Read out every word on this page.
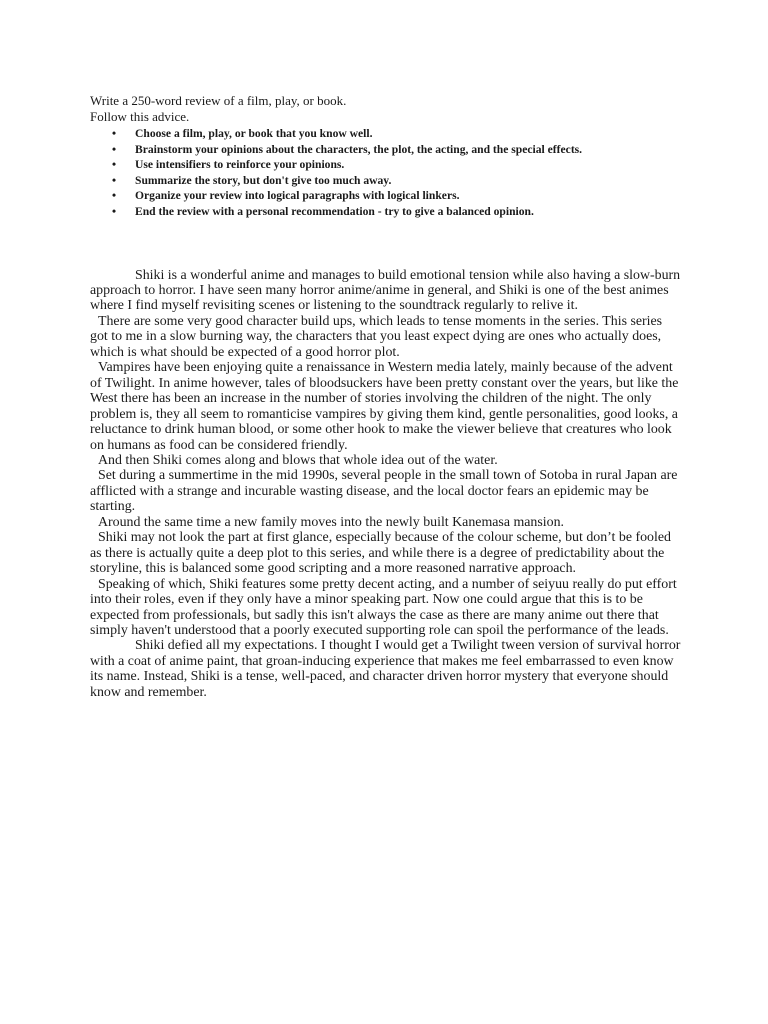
Write a 250-word review of a film, play, or book.

Follow this advice.

• Choose a film, play, or book that you know well.
• Brainstorm your opinions about the characters, the plot, the acting, and the special effects.
• Use intensifiers to reinforce your opinions.
• Summarize the story, but don't give too much away.
• Organize your review into logical paragraphs with logical linkers.
• End the review with a personal recommendation - try to give a balanced opinion.

Shiki is a wonderful anime and manages to build emotional tension while also having a slow-burn approach to horror. I have seen many horror anime/anime in general, and Shiki is one of the best animes where I find myself revisiting scenes or listening to the soundtrack regularly to relive it.

There are some very good character build ups, which leads to tense moments in the series. This series got to me in a slow burning way, the characters that you least expect dying are ones who actually does, which is what should be expected of a good horror plot.

Vampires have been enjoying quite a renaissance in Western media lately, mainly because of the advent of Twilight. In anime however, tales of bloodsuckers have been pretty constant over the years, but like the West there has been an increase in the number of stories involving the children of the night. The only problem is, they all seem to romanticise vampires by giving them kind, gentle personalities, good looks, a reluctance to drink human blood, or some other hook to make the viewer believe that creatures who look on humans as food can be considered friendly.

And then Shiki comes along and blows that whole idea out of the water.

Set during a summertime in the mid 1990s, several people in the small town of Sotoba in rural Japan are afflicted with a strange and incurable wasting disease, and the local doctor fears an epidemic may be starting.

Around the same time a new family moves into the newly built Kanemasa mansion.

Shiki may not look the part at first glance, especially because of the colour scheme, but don’t be fooled as there is actually quite a deep plot to this series, and while there is a degree of predictability about the storyline, this is balanced some good scripting and a more reasoned narrative approach.

Speaking of which, Shiki features some pretty decent acting, and a number of seiyuu really do put effort into their roles, even if they only have a minor speaking part. Now one could argue that this is to be expected from professionals, but sadly this isn't always the case as there are many anime out there that simply haven't understood that a poorly executed supporting role can spoil the performance of the leads.

Shiki defied all my expectations. I thought I would get a Twilight tween version of survival horror with a coat of anime paint, that groan-inducing experience that makes me feel embarrassed to even know its name. Instead, Shiki is a tense, well-paced, and character driven horror mystery that everyone should know and remember.
